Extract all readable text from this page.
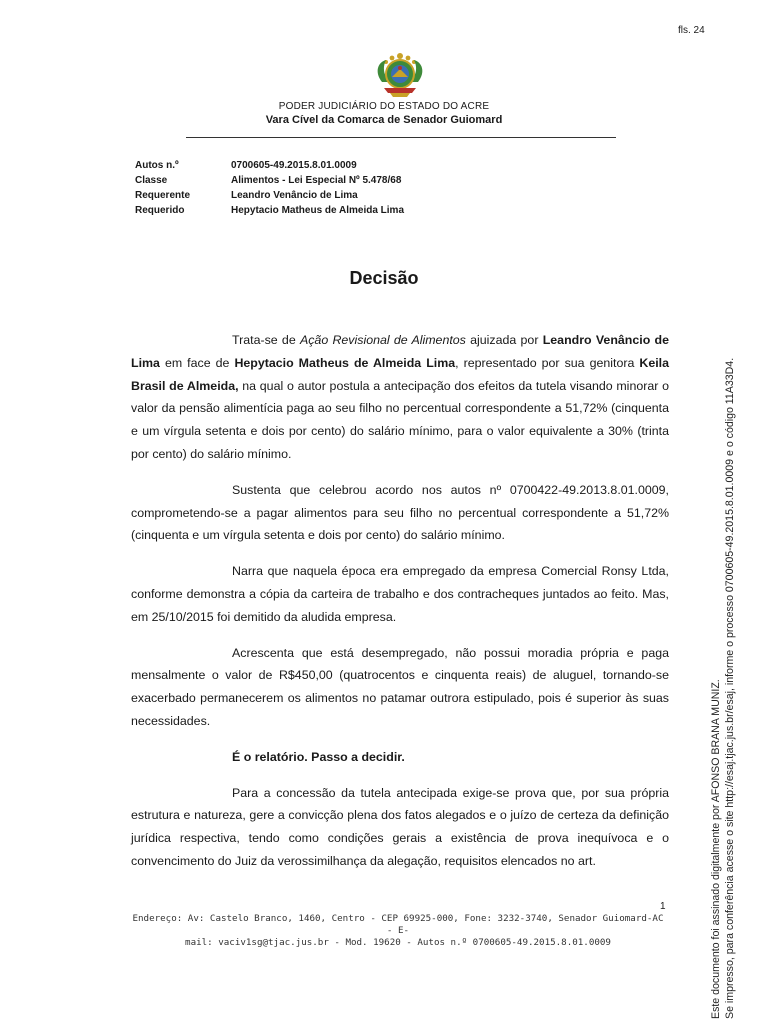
fls. 24
PODER JUDICIÁRIO DO ESTADO DO ACRE
Vara Cível da Comarca de Senador Guiomard
Autos n.º	0700605-49.2015.8.01.0009
Classe	Alimentos - Lei Especial Nº 5.478/68
Requerente	Leandro Venâncio de Lima
Requerido	Hepytacio Matheus de Almeida Lima
Decisão

Trata-se de Ação Revisional de Alimentos ajuizada por Leandro Venâncio de Lima em face de Hepytacio Matheus de Almeida Lima, representado por sua genitora Keila Brasil de Almeida, na qual o autor postula a antecipação dos efeitos da tutela visando minorar o valor da pensão alimentícia paga ao seu filho no percentual correspondente a 51,72% (cinquenta e um vírgula setenta e dois por cento) do salário mínimo, para o valor equivalente a 30% (trinta por cento) do salário mínimo.

Sustenta que celebrou acordo nos autos nº 0700422-49.2013.8.01.0009, comprometendo-se a pagar alimentos para seu filho no percentual correspondente a 51,72% (cinquenta e um vírgula setenta e dois por cento) do salário mínimo.

Narra que naquela época era empregado da empresa Comercial Ronsy Ltda, conforme demonstra a cópia da carteira de trabalho e dos contracheques juntados ao feito. Mas, em 25/10/2015 foi demitido da aludida empresa.

Acrescenta que está desempregado, não possui moradia própria e paga mensalmente o valor de R$450,00 (quatrocentos e cinquenta reais) de aluguel, tornando-se exacerbado permanecerem os alimentos no patamar outrora estipulado, pois é superior às suas necessidades.

É o relatório. Passo a decidir.

Para a concessão da tutela antecipada exige-se prova que, por sua própria estrutura e natureza, gere a convicção plena dos fatos alegados e o juízo de certeza da definição jurídica respectiva, tendo como condições gerais a existência de prova inequívoca e o convencimento do Juiz da verossimilhança da alegação, requisitos elencados no art.

1
Endereço: Av: Castelo Branco, 1460, Centro - CEP 69925-000, Fone: 3232-3740, Senador Guiomard-AC - E-
mail: vaciv1sg@tjac.jus.br - Mod. 19620 - Autos n.º 0700605-49.2015.8.01.0009	Este documento foi assinado digitalmente por AFONSO BRANA MUNIZ. Se impresso, para conferência acesse o site http://esaj.tjac.jus.br/esaj, informe o processo 0700605-49.2015.8.01.0009 e o código 11A33D4.
